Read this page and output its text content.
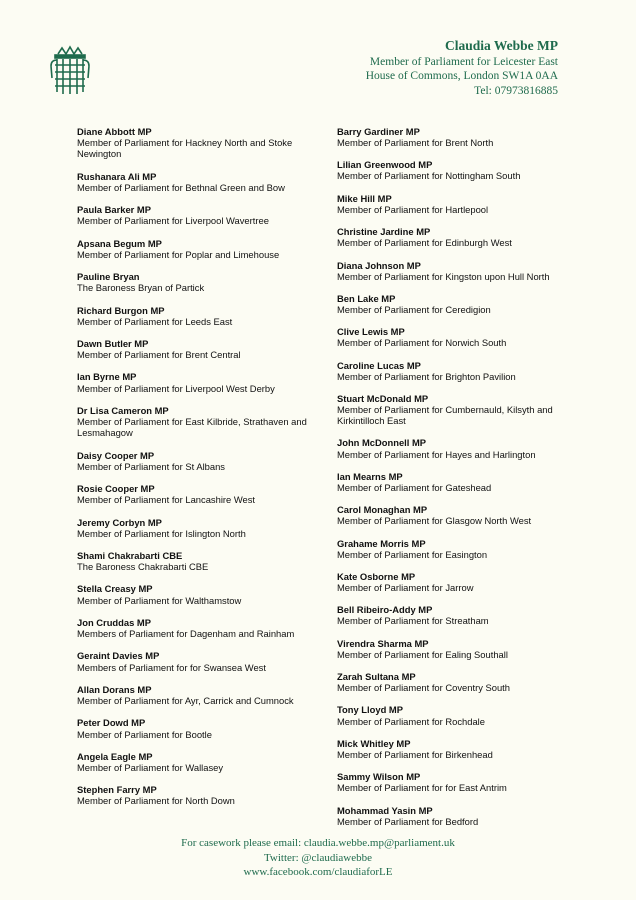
Claudia Webbe MP
Member of Parliament for Leicester East
House of Commons, London SW1A 0AA
Tel: 07973816885
Diane Abbott MP
Member of Parliament for Hackney North and Stoke Newington
Rushanara Ali MP
Member of Parliament for Bethnal Green and Bow
Paula Barker MP
Member of Parliament for Liverpool Wavertree
Apsana Begum MP
Member of Parliament for Poplar and Limehouse
Pauline Bryan
The Baroness Bryan of Partick
Richard Burgon MP
Member of Parliament for Leeds East
Dawn Butler MP
Member of Parliament for Brent Central
Ian Byrne MP
Member of Parliament for Liverpool West Derby
Dr Lisa Cameron MP
Member of Parliament for East Kilbride, Strathaven and Lesmahagow
Daisy Cooper MP
Member of Parliament for St Albans
Rosie Cooper MP
Member of Parliament for Lancashire West
Jeremy Corbyn MP
Member of Parliament for Islington North
Shami Chakrabarti CBE
The Baroness Chakrabarti CBE
Stella Creasy MP
Member of Parliament for Walthamstow
Jon Cruddas MP
Members of Parliament for Dagenham and Rainham
Geraint Davies MP
Members of Parliament for for Swansea West
Allan Dorans MP
Member of Parliament for Ayr, Carrick and Cumnock
Peter Dowd MP
Member of Parliament for Bootle
Angela Eagle MP
Member of Parliament for Wallasey
Stephen Farry MP
Member of Parliament for North Down
Barry Gardiner MP
Member of Parliament for Brent North
Lilian Greenwood MP
Member of Parliament for Nottingham South
Mike Hill MP
Member of Parliament for Hartlepool
Christine Jardine MP
Member of Parliament for Edinburgh West
Diana Johnson MP
Member of Parliament for Kingston upon Hull North
Ben Lake MP
Member of Parliament for Ceredigion
Clive Lewis MP
Member of Parliament for Norwich South
Caroline Lucas MP
Member of Parliament for Brighton Pavilion
Stuart McDonald MP
Member of Parliament for Cumbernauld, Kilsyth and Kirkintilloch East
John McDonnell MP
Member of Parliament for Hayes and Harlington
Ian Mearns MP
Member of Parliament for Gateshead
Carol Monaghan MP
Member of Parliament for Glasgow North West
Grahame Morris MP
Member of Parliament for Easington
Kate Osborne MP
Member of Parliament for Jarrow
Bell Ribeiro-Addy MP
Member of Parliament for Streatham
Virendra Sharma MP
Member of Parliament for Ealing Southall
Zarah Sultana MP
Member of Parliament for Coventry South
Tony Lloyd MP
Member of Parliament for Rochdale
Mick Whitley MP
Member of Parliament for Birkenhead
Sammy Wilson MP
Member of Parliament for for East Antrim
Mohammad Yasin MP
Member of Parliament for Bedford
For casework please email: claudia.webbe.mp@parliament.uk
Twitter: @claudiawebbe
www.facebook.com/claudiaforLE
